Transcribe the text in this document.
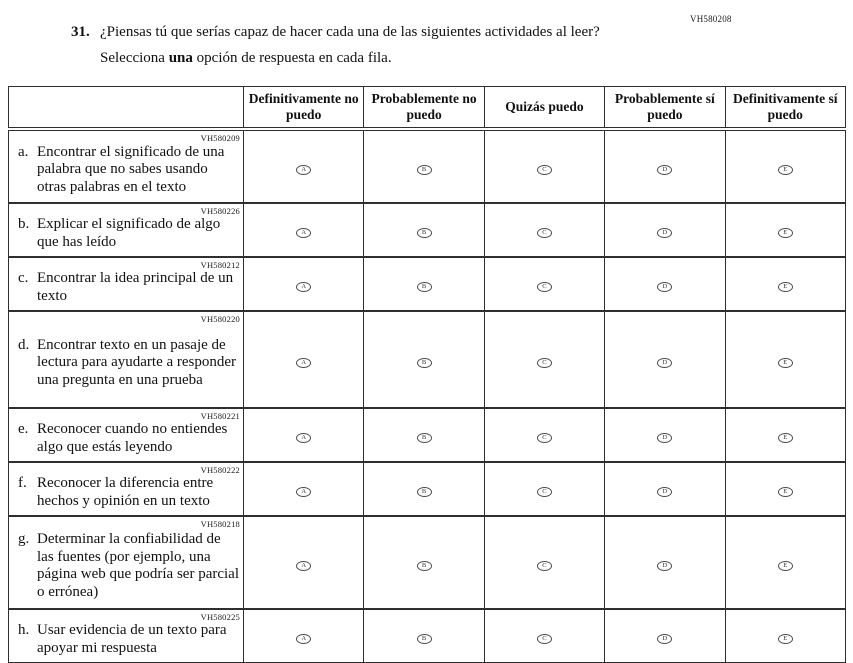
VH580208
31. ¿Piensas tú que serías capaz de hacer cada una de las siguientes actividades al leer?
Selecciona una opción de respuesta en cada fila.
	Definitivamente no puedo	Probablemente no puedo	Quizás puedo	Probablemente sí puedo	Definitivamente sí puedo

VH580209
a. Encontrar el significado de una palabra que no sabes usando otras palabras en el texto	A	B	C	D	E

VH580226
b. Explicar el significado de algo que has leído	A	B	C	D	E

VH580212
c. Encontrar la idea principal de un texto	A	B	C	D	E

VH580220
d. Encontrar texto en un pasaje de lectura para ayudarte a responder una pregunta en una prueba	A	B	C	D	E

VH580221
e. Reconocer cuando no entiendes algo que estás leyendo	A	B	C	D	E

VH580222
f. Reconocer la diferencia entre hechos y opinión en un texto	A	B	C	D	E

VH580218
g. Determinar la confiabilidad de las fuentes (por ejemplo, una página web que podría ser parcial o errónea)	A	B	C	D	E

VH580225
h. Usar evidencia de un texto para apoyar mi respuesta	A	B	C	D	E
